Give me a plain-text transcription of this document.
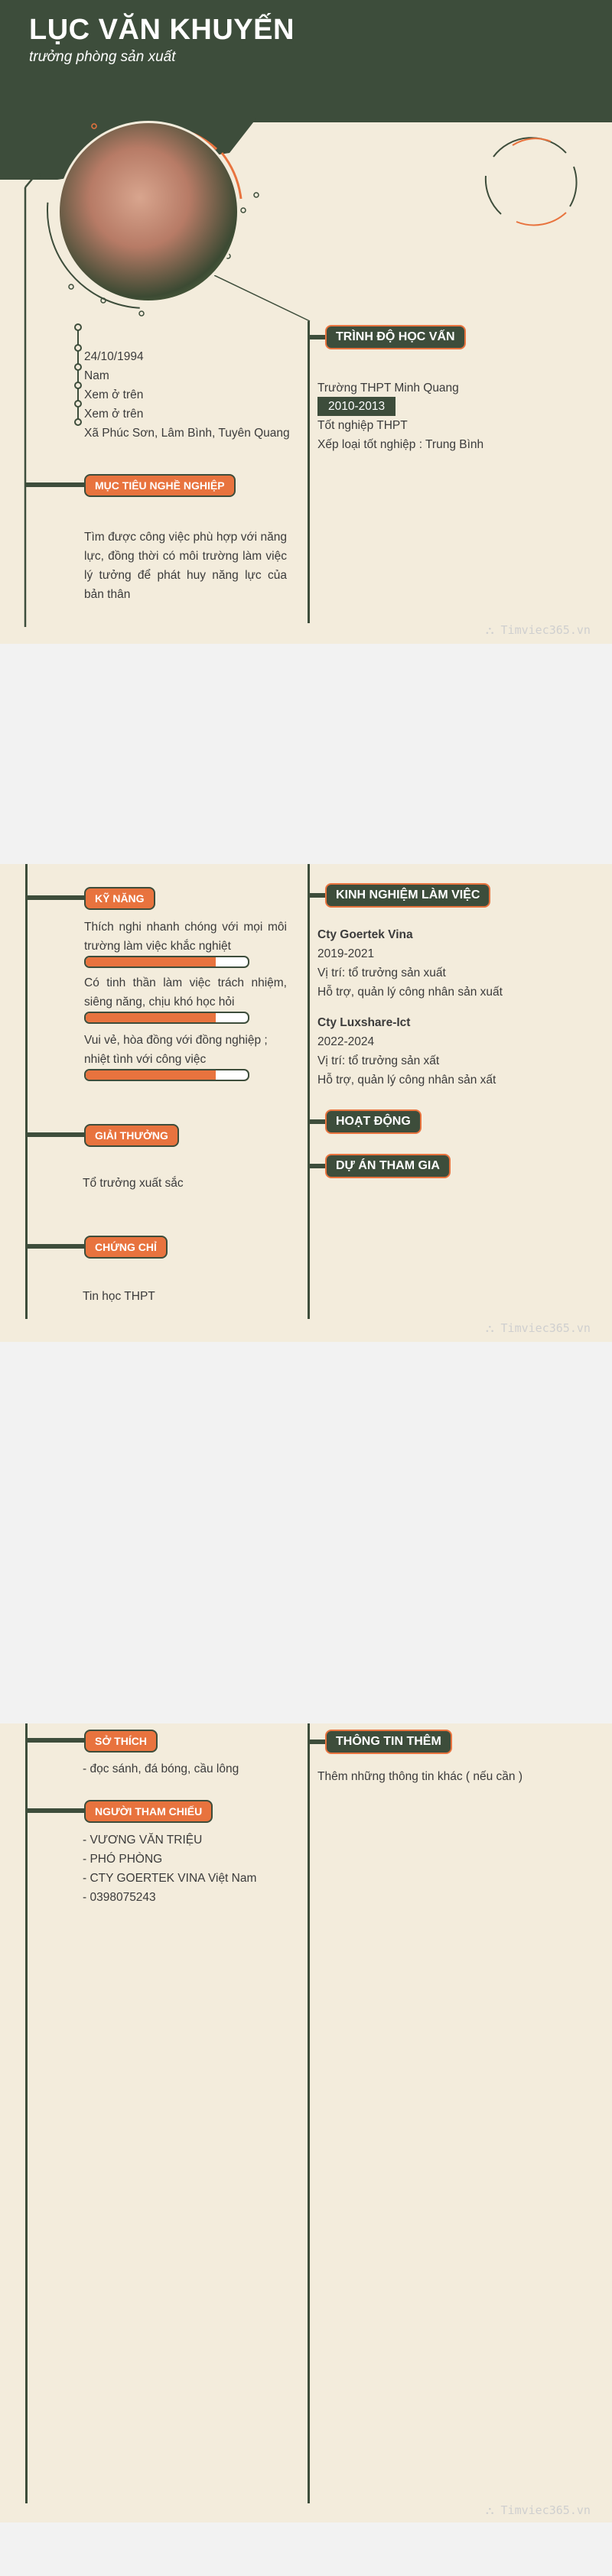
LỤC VĂN KHUYẾN
trưởng phòng sản xuất
24/10/1994
Nam
Xem ở trên
Xem ở trên
Xã Phúc Sơn, Lâm Bình, Tuyên Quang
MỤC TIÊU NGHỀ NGHIỆP
Tìm được công việc phù hợp với năng lực, đồng thời có môi trường làm việc lý tưởng để phát huy năng lực của bản thân
TRÌNH ĐỘ HỌC VẤN
Trường THPT Minh Quang
2010-2013
Tốt nghiệp THPT
Xếp loại tốt nghiệp : Trung Bình
⛬ Timviec365.vn
KỸ NĂNG
Thích nghi nhanh chóng với mọi môi trường làm việc khắc nghiệt
Có tinh thần làm việc trách nhiệm, siêng năng, chịu khó học hỏi
Vui vẻ, hòa đồng với đồng nghiệp ; nhiệt tình với công việc
KINH NGHIỆM LÀM VIỆC
Cty Goertek Vina
2019-2021
Vị trí: tổ trưởng sản xuất
Hỗ trợ, quản lý công nhân sản xuất
Cty Luxshare-Ict
2022-2024
Vị trí: tổ trưởng sản xất
Hỗ trợ, quản lý công nhân sản xất
HOẠT ĐỘNG
DỰ ÁN THAM GIA
GIẢI THƯỞNG
Tổ trưởng xuất sắc
CHỨNG CHỈ
Tin học THPT
⛬ Timviec365.vn
SỞ THÍCH
- đọc sánh, đá bóng, cầu lông
NGƯỜI THAM CHIẾU
- VƯƠNG VĂN TRIỆU
- PHÓ PHÒNG
- CTY GOERTEK VINA Việt Nam
- 0398075243
THÔNG TIN THÊM
Thêm những thông tin khác ( nếu cần )
⛬ Timviec365.vn
